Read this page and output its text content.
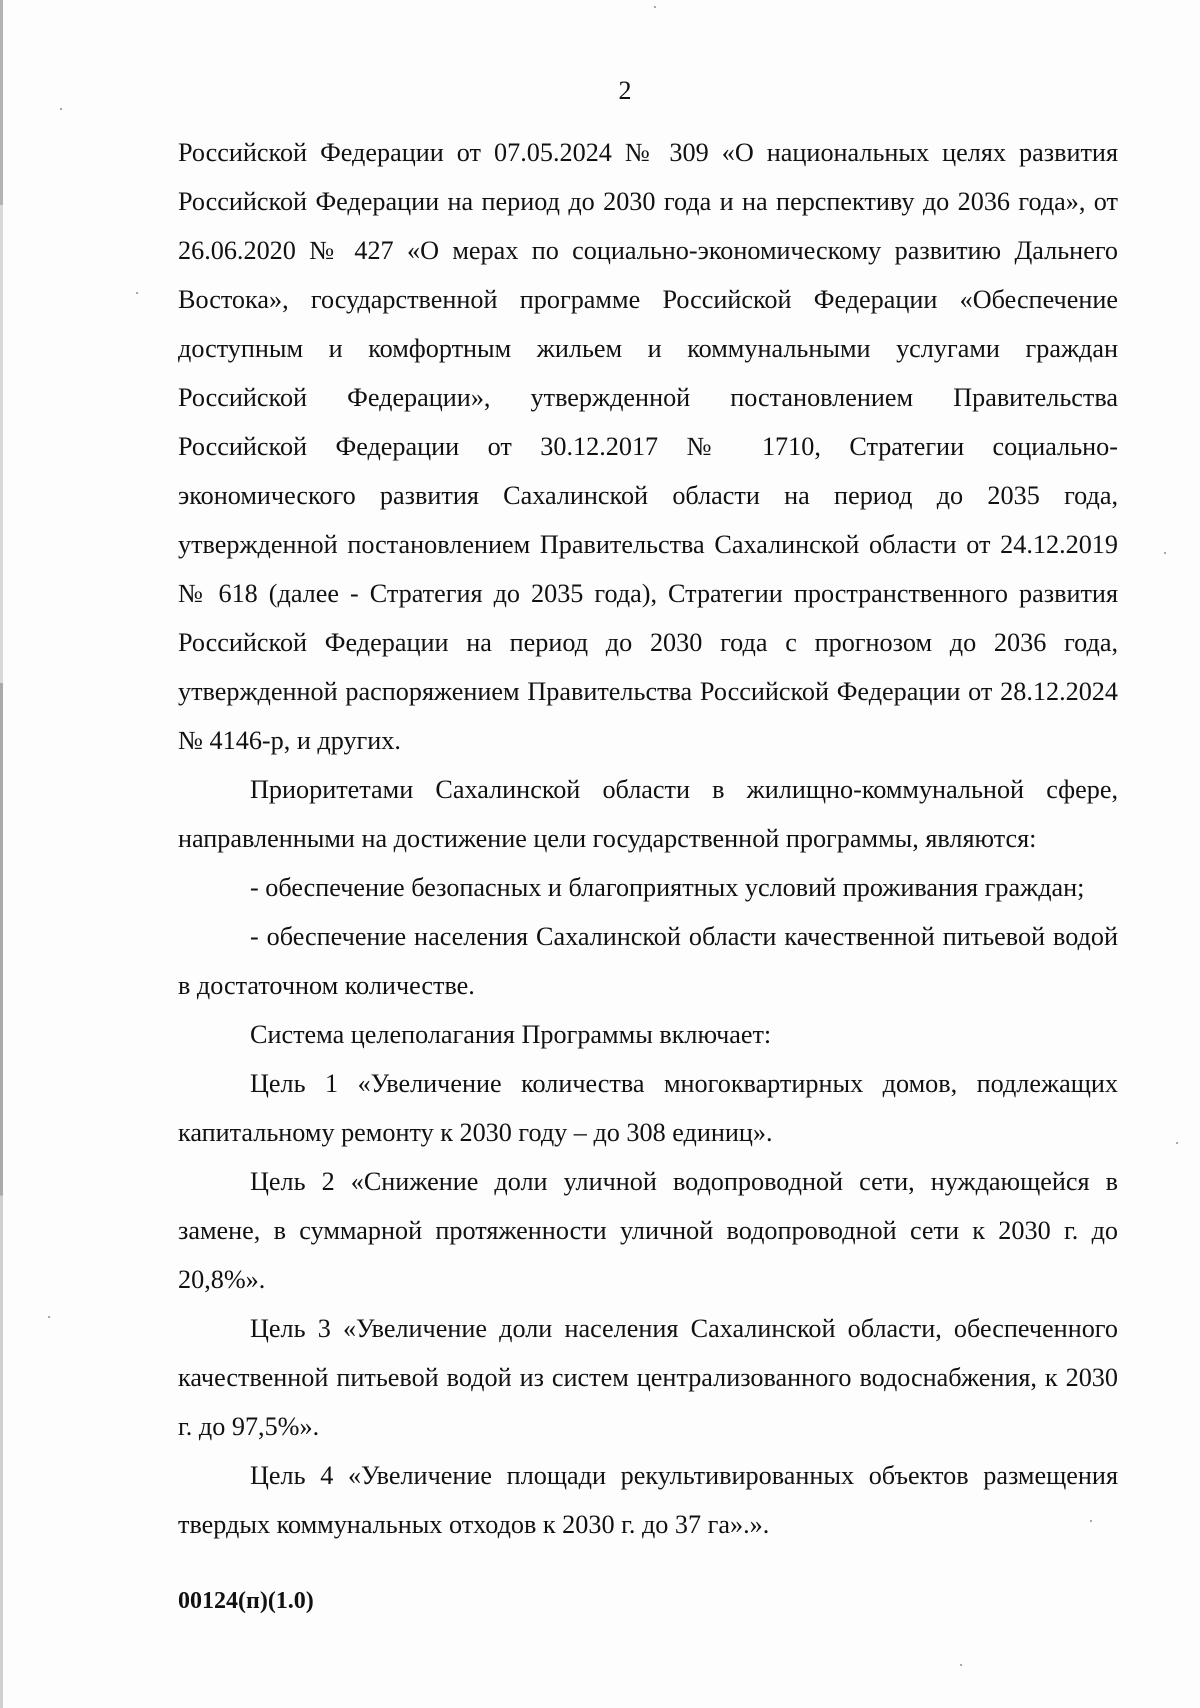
2

Российской Федерации от 07.05.2024 № 309 «О национальных целях развития Российской Федерации на период до 2030 года и на перспективу до 2036 года», от 26.06.2020 № 427 «О мерах по социально-экономическому развитию Дальнего Востока», государственной программе Российской Федерации «Обеспечение доступным и комфортным жильем и коммунальными услугами граждан Российской Федерации», утвержденной постановлением Правительства Российской Федерации от 30.12.2017 № 1710, Стратегии социально-экономического развития Сахалинской области на период до 2035 года, утвержденной постановлением Правительства Сахалинской области от 24.12.2019 № 618 (далее - Стратегия до 2035 года), Стратегии пространственного развития Российской Федерации на период до 2030 года с прогнозом до 2036 года, утвержденной распоряжением Правительства Российской Федерации от 28.12.2024 № 4146-р, и других.

Приоритетами Сахалинской области в жилищно-коммунальной сфере, направленными на достижение цели государственной программы, являются:

- обеспечение безопасных и благоприятных условий проживания граждан;

- обеспечение населения Сахалинской области качественной питьевой водой в достаточном количестве.

Система целеполагания Программы включает:

Цель 1 «Увеличение количества многоквартирных домов, подлежащих капитальному ремонту к 2030 году – до 308 единиц».

Цель 2 «Снижение доли уличной водопроводной сети, нуждающейся в замене, в суммарной протяженности уличной водопроводной сети к 2030 г. до 20,8%».

Цель 3 «Увеличение доли населения Сахалинской области, обеспеченного качественной питьевой водой из систем централизованного водоснабжения, к 2030 г. до 97,5%».

Цель 4 «Увеличение площади рекультивированных объектов размещения твердых коммунальных отходов к 2030 г. до 37 га».».

00124(п)(1.0)
